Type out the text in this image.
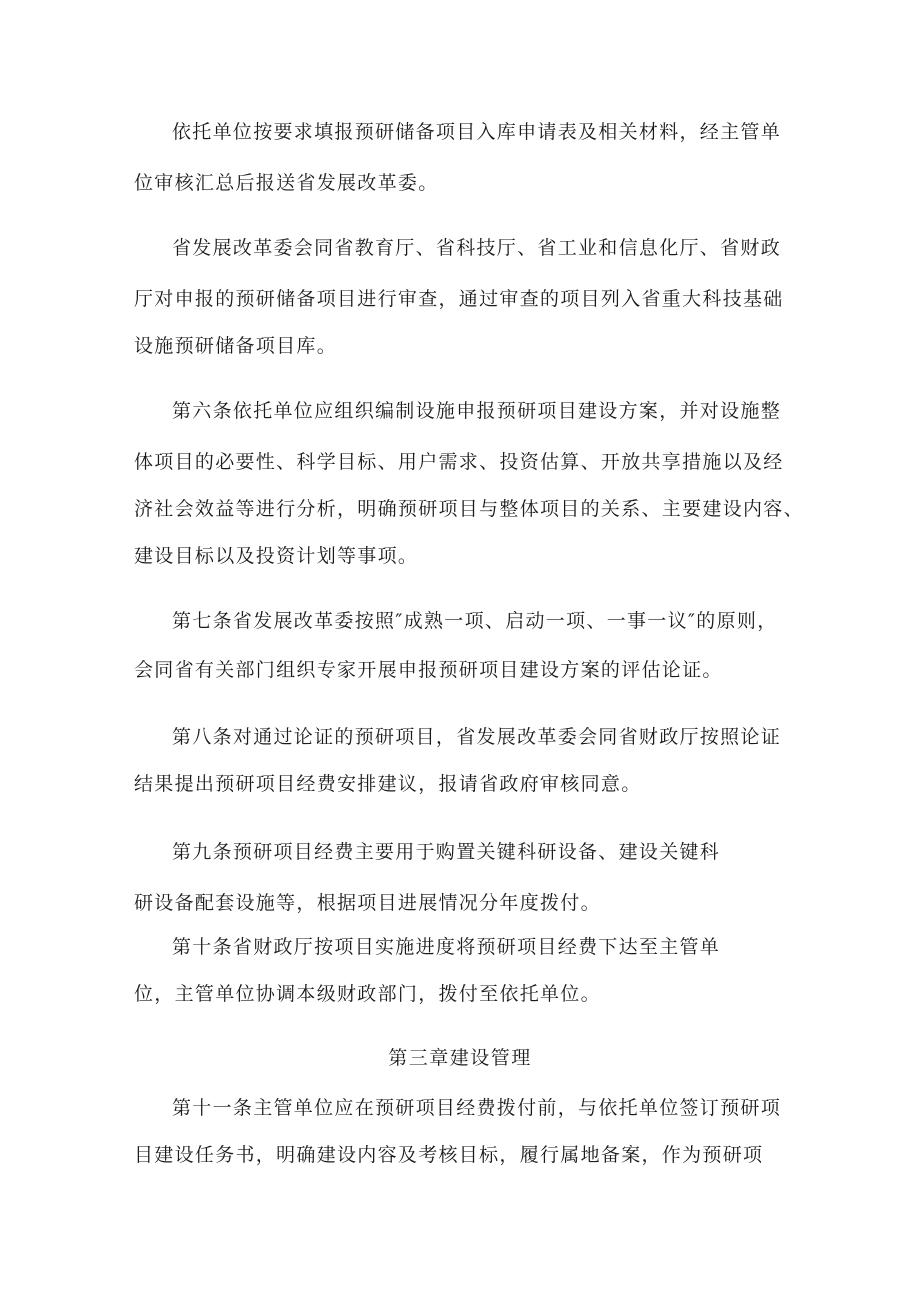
依托单位按要求填报预研储备项目入库申请表及相关材料，经主管单
位审核汇总后报送省发展改革委。
省发展改革委会同省教育厅、省科技厅、省工业和信息化厅、省财政
厅对申报的预研储备项目进行审查，通过审查的项目列入省重大科技基础
设施预研储备项目库。
第六条依托单位应组织编制设施申报预研项目建设方案，并对设施整
体项目的必要性、科学目标、用户需求、投资估算、开放共享措施以及经
济社会效益等进行分析，明确预研项目与整体项目的关系、主要建设内容、
建设目标以及投资计划等事项。
第七条省发展改革委按照″成熟一项、启动一项、一事一议″的原则，
会同省有关部门组织专家开展申报预研项目建设方案的评估论证。
第八条对通过论证的预研项目，省发展改革委会同省财政厅按照论证
结果提出预研项目经费安排建议，报请省政府审核同意。
第九条预研项目经费主要用于购置关键科研设备、建设关键科
研设备配套设施等，根据项目进展情况分年度拨付。
第十条省财政厅按项目实施进度将预研项目经费下达至主管单
位，主管单位协调本级财政部门，拨付至依托单位。
第三章建设管理
第十一条主管单位应在预研项目经费拨付前，与依托单位签订预研项
目建设任务书，明确建设内容及考核目标，履行属地备案，作为预研项
